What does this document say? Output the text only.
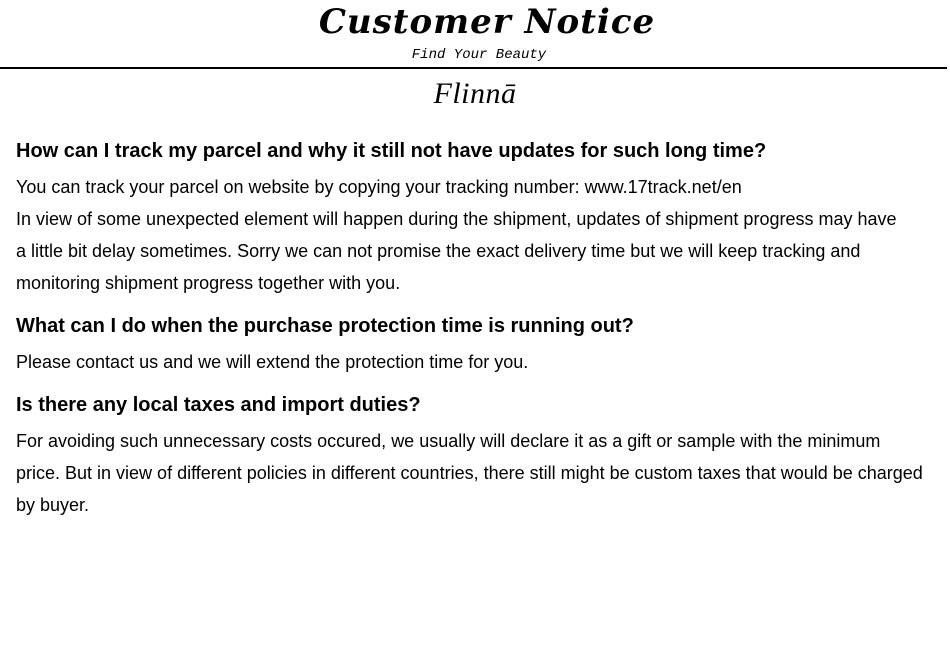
Customer Notice
Find Your Beauty
Flinnā
How can I track my parcel and why it still not have updates for such long time?
You can track your parcel on website by copying your tracking number: www.17track.net/en
In view of some unexpected element will happen during the shipment, updates of shipment progress may have
a little bit delay sometimes. Sorry we can not promise the exact delivery time but we will keep tracking and
monitoring shipment progress together with you.
What can I do when the purchase protection time is running out?
Please contact us and we will extend the protection time for you.
Is there any local taxes and import duties?
For avoiding such unnecessary costs occured, we usually will declare it as a gift or sample with the minimum
price. But in view of different policies in different countries, there still might be custom taxes that would be charged
by buyer.
